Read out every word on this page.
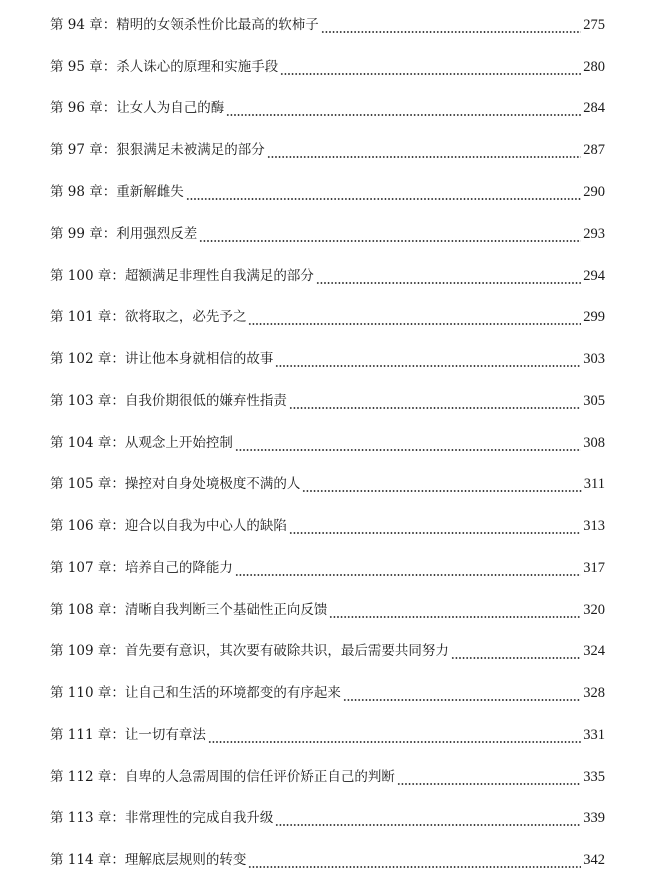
第 94 章： 精明的女领杀性价比最高的软柿子	275
第 95 章： 杀人诛心的原理和实施手段	280
第 96 章： 让女人为自己的酶	284
第 97 章： 狠狠满足未被满足的部分	287
第 98 章： 重新解雌失	290
第 99 章： 利用强烈反差	293
第 100 章： 超额满足非理性自我满足的部分	294
第 101 章： 欲将取之，必先予之	299
第 102 章： 讲让他本身就相信的故事	303
第 103 章： 自我价期很低的嫌弃性指责	305
第 104 章： 从观念上开始控制	308
第 105 章： 操控对自身处境极度不满的人	311
第 106 章： 迎合以自我为中心人的缺陷	313
第 107 章： 培养自己的降能力	317
第 108 章： 清晰自我判断三个基础性正向反馈	320
第 109 章： 首先要有意识，其次要有破除共识，最后需要共同努力	324
第 110 章： 让自己和生活的环境都变的有序起来	328
第 111 章： 让一切有章法	331
第 112 章： 自卑的人急需周围的信任评价矫正自己的判断	335
第 113 章： 非常理性的完成自我升级	339
第 114 章： 理解底层规则的转变	342
